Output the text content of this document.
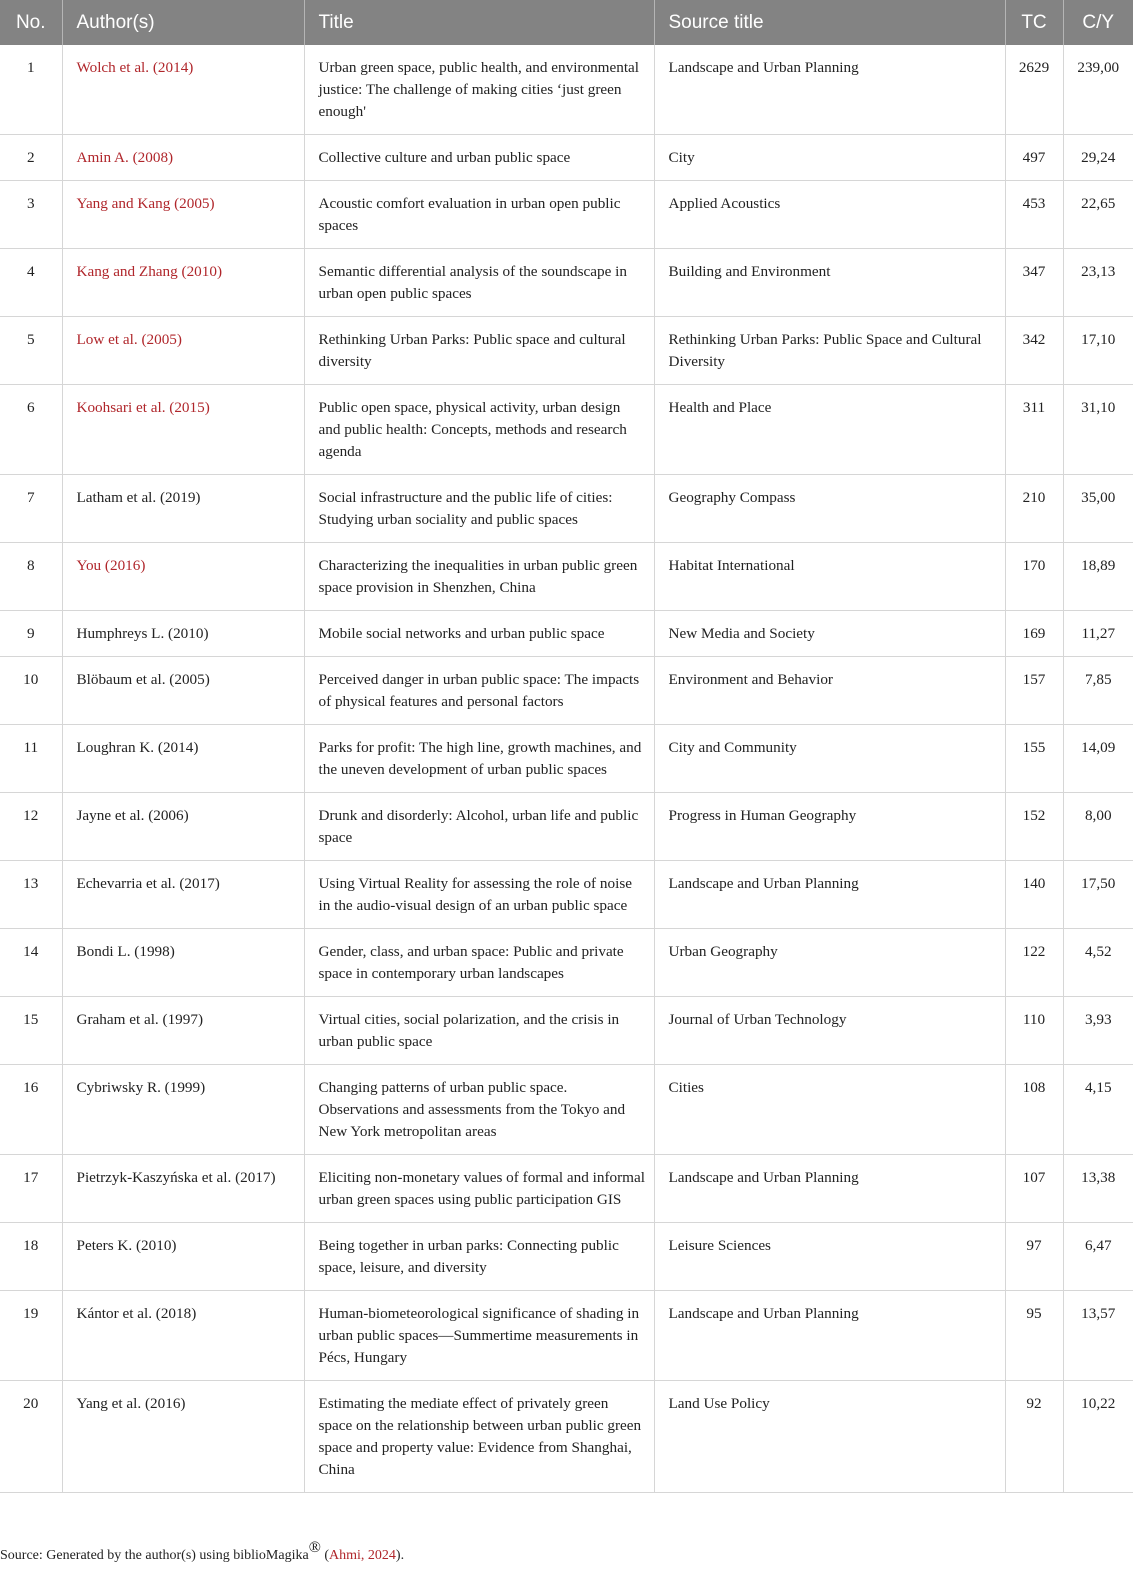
No.	Author(s)	Title	Source title	TC	C/Y
1	Wolch et al. (2014)	Urban green space, public health, and environmental justice: The challenge of making cities ‘just green enough'	Landscape and Urban Planning	2629	239,00
2	Amin A. (2008)	Collective culture and urban public space	City	497	29,24
3	Yang and Kang (2005)	Acoustic comfort evaluation in urban open public spaces	Applied Acoustics	453	22,65
4	Kang and Zhang (2010)	Semantic differential analysis of the soundscape in urban open public spaces	Building and Environment	347	23,13
5	Low et al. (2005)	Rethinking Urban Parks: Public space and cultural diversity	Rethinking Urban Parks: Public Space and Cultural Diversity	342	17,10
6	Koohsari et al. (2015)	Public open space, physical activity, urban design and public health: Concepts, methods and research agenda	Health and Place	311	31,10
7	Latham et al. (2019)	Social infrastructure and the public life of cities: Studying urban sociality and public spaces	Geography Compass	210	35,00
8	You (2016)	Characterizing the inequalities in urban public green space provision in Shenzhen, China	Habitat International	170	18,89
9	Humphreys L. (2010)	Mobile social networks and urban public space	New Media and Society	169	11,27
10	Blöbaum et al. (2005)	Perceived danger in urban public space: The impacts of physical features and personal factors	Environment and Behavior	157	7,85
11	Loughran K. (2014)	Parks for profit: The high line, growth machines, and the uneven development of urban public spaces	City and Community	155	14,09
12	Jayne et al. (2006)	Drunk and disorderly: Alcohol, urban life and public space	Progress in Human Geography	152	8,00
13	Echevarria et al. (2017)	Using Virtual Reality for assessing the role of noise in the audio-visual design of an urban public space	Landscape and Urban Planning	140	17,50
14	Bondi L. (1998)	Gender, class, and urban space: Public and private space in contemporary urban landscapes	Urban Geography	122	4,52
15	Graham et al. (1997)	Virtual cities, social polarization, and the crisis in urban public space	Journal of Urban Technology	110	3,93
16	Cybriwsky R. (1999)	Changing patterns of urban public space. Observations and assessments from the Tokyo and New York metropolitan areas	Cities	108	4,15
17	Pietrzyk-Kaszyńska et al. (2017)	Eliciting non-monetary values of formal and informal urban green spaces using public participation GIS	Landscape and Urban Planning	107	13,38
18	Peters K. (2010)	Being together in urban parks: Connecting public space, leisure, and diversity	Leisure Sciences	97	6,47
19	Kántor et al. (2018)	Human-biometeorological significance of shading in urban public spaces—Summertime measurements in Pécs, Hungary	Landscape and Urban Planning	95	13,57
20	Yang et al. (2016)	Estimating the mediate effect of privately green space on the relationship between urban public green space and property value: Evidence from Shanghai, China	Land Use Policy	92	10,22
Source: Generated by the author(s) using biblioMagika® (Ahmi, 2024).
